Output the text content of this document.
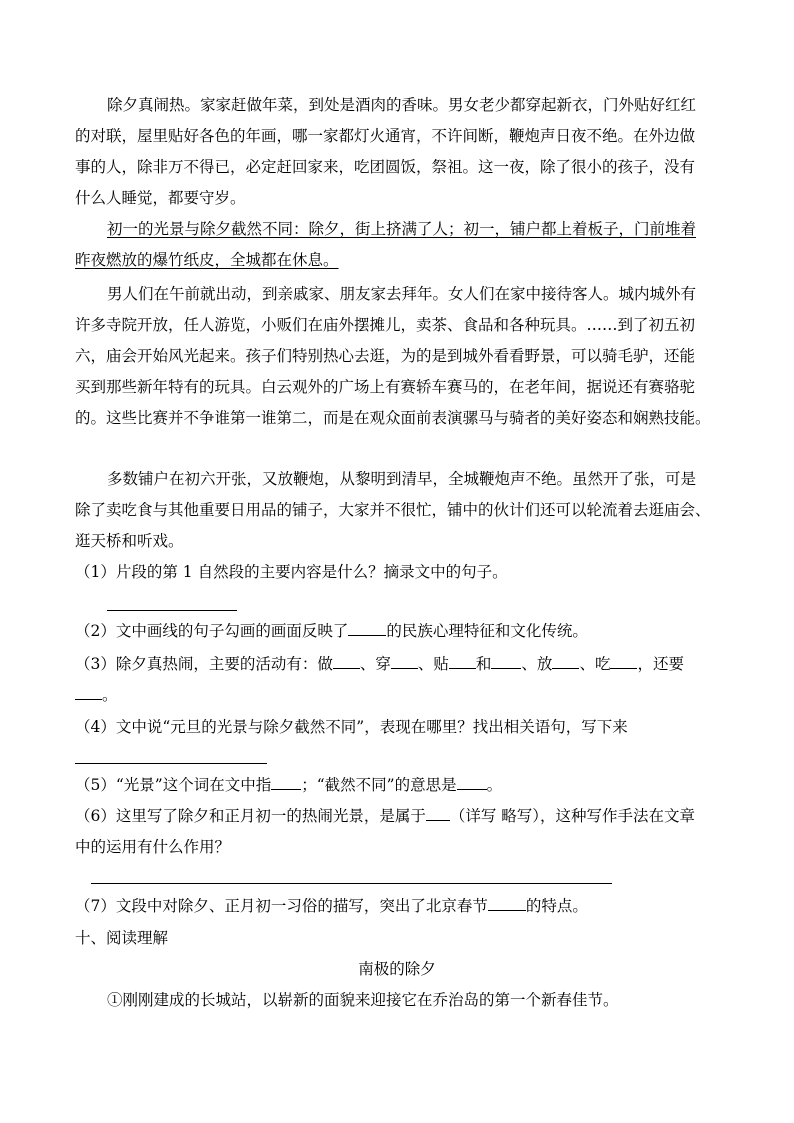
除夕真闹热。家家赶做年菜，到处是酒肉的香味。男女老少都穿起新衣，门外贴好红红
的对联，屋里贴好各色的年画，哪一家都灯火通宵，不许间断，鞭炮声日夜不绝。在外边做
事的人，除非万不得已，必定赶回家来，吃团圆饭，祭祖。这一夜，除了很小的孩子，没有
什么人睡觉，都要守岁。
初一的光景与除夕截然不同：除夕，街上挤满了人；初一，铺户都上着板子，门前堆着
昨夜燃放的爆竹纸皮，全城都在休息。
男人们在午前就出动，到亲戚家、朋友家去拜年。女人们在家中接待客人。城内城外有
许多寺院开放，任人游览，小贩们在庙外摆摊儿，卖茶、食品和各种玩具。……到了初五初
六，庙会开始风光起来。孩子们特别热心去逛，为的是到城外看看野景，可以骑毛驴，还能
买到那些新年特有的玩具。白云观外的广场上有赛轿车赛马的，在老年间，据说还有赛骆驼
的。这些比赛并不争谁第一谁第二，而是在观众面前表演骡马与骑者的美好姿态和娴熟技能。
多数铺户在初六开张，又放鞭炮，从黎明到清早，全城鞭炮声不绝。虽然开了张，可是
除了卖吃食与其他重要日用品的铺子，大家并不很忙，铺中的伙计们还可以轮流着去逛庙会、
逛天桥和听戏。
（1）片段的第 1 自然段的主要内容是什么？摘录文中的句子。
（2）文中画线的句子勾画的画面反映了 的民族心理特征和文化传统。
（3）除夕真热闹，主要的活动有：做 、穿 、贴 和 、放 、吃 ，还要
。
（4）文中说“元旦的光景与除夕截然不同”，表现在哪里？找出相关语句，写下来
（5）“光景”这个词在文中指 ；“截然不同”的意思是 。
（6）这里写了除夕和正月初一的热闹光景，是属于 （详写 略写），这种写作手法在文章
中的运用有什么作用？
（7）文段中对除夕、正月初一习俗的描写，突出了北京春节 的特点。
十、阅读理解
南极的除夕
①刚刚建成的长城站，以崭新的面貌来迎接它在乔治岛的第一个新春佳节。
